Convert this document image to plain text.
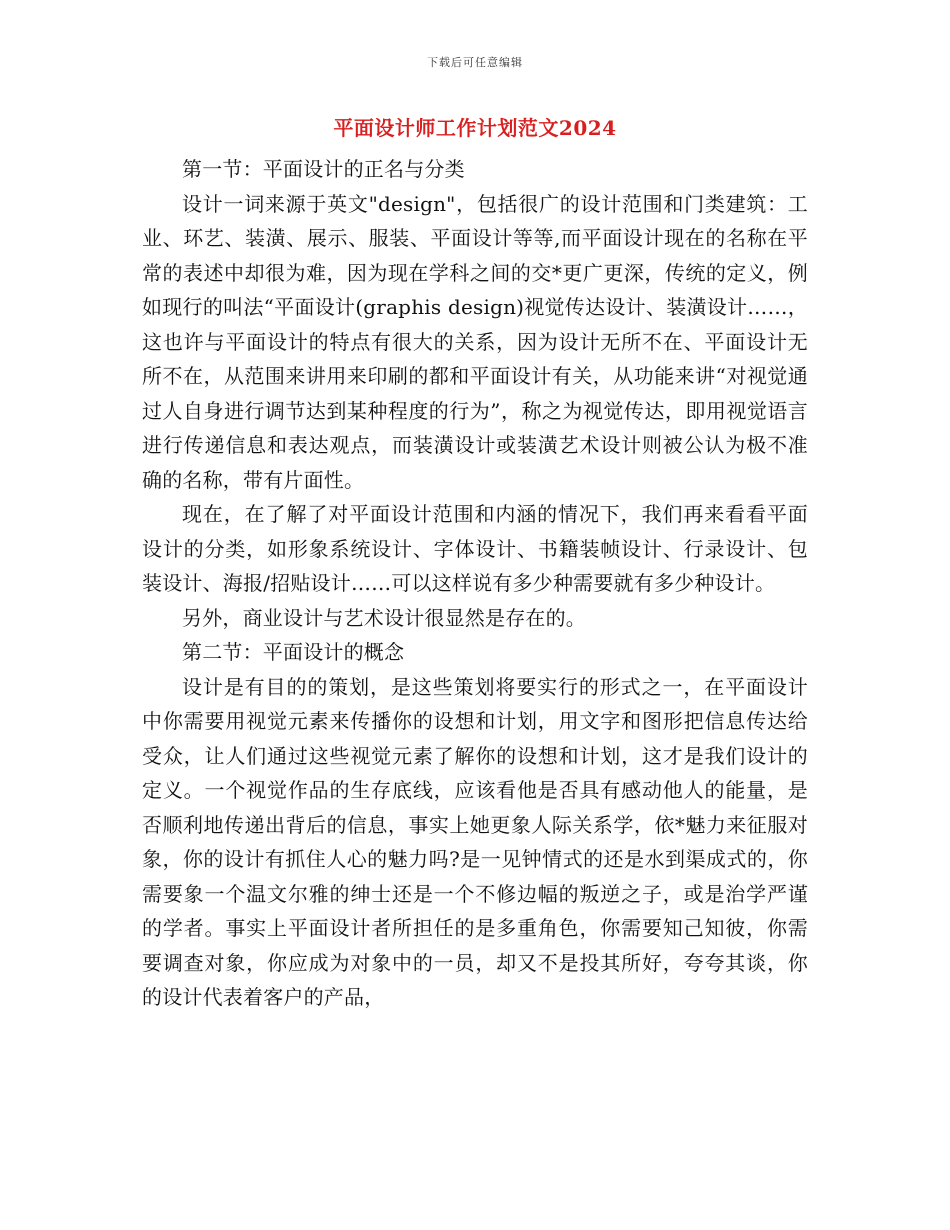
下载后可任意编辑
平面设计师工作计划范文2024

第一节：平面设计的正名与分类

设计一词来源于英文"design"，包括很广的设计范围和门类建筑：工业、环艺、装潢、展示、服装、平面设计等等,而平面设计现在的名称在平常的表述中却很为难，因为现在学科之间的交*更广更深，传统的定义，例如现行的叫法“平面设计(graphis design)视觉传达设计、装潢设计……，这也许与平面设计的特点有很大的关系，因为设计无所不在、平面设计无所不在，从范围来讲用来印刷的都和平面设计有关，从功能来讲“对视觉通过人自身进行调节达到某种程度的行为”，称之为视觉传达，即用视觉语言进行传递信息和表达观点，而装潢设计或装潢艺术设计则被公认为极不准确的名称，带有片面性。

现在，在了解了对平面设计范围和内涵的情况下，我们再来看看平面设计的分类，如形象系统设计、字体设计、书籍装帧设计、行录设计、包装设计、海报/招贴设计……可以这样说有多少种需要就有多少种设计。

另外，商业设计与艺术设计很显然是存在的。

第二节：平面设计的概念

设计是有目的的策划，是这些策划将要实行的形式之一，在平面设计中你需要用视觉元素来传播你的设想和计划，用文字和图形把信息传达给受众，让人们通过这些视觉元素了解你的设想和计划，这才是我们设计的定义。一个视觉作品的生存底线，应该看他是否具有感动他人的能量，是否顺利地传递出背后的信息，事实上她更象人际关系学，依*魅力来征服对象，你的设计有抓住人心的魅力吗?是一见钟情式的还是水到渠成式的，你需要象一个温文尔雅的绅士还是一个不修边幅的叛逆之子，或是治学严谨的学者。事实上平面设计者所担任的是多重角色，你需要知己知彼，你需要调查对象，你应成为对象中的一员，却又不是投其所好，夸夸其谈，你的设计代表着客户的产品，
